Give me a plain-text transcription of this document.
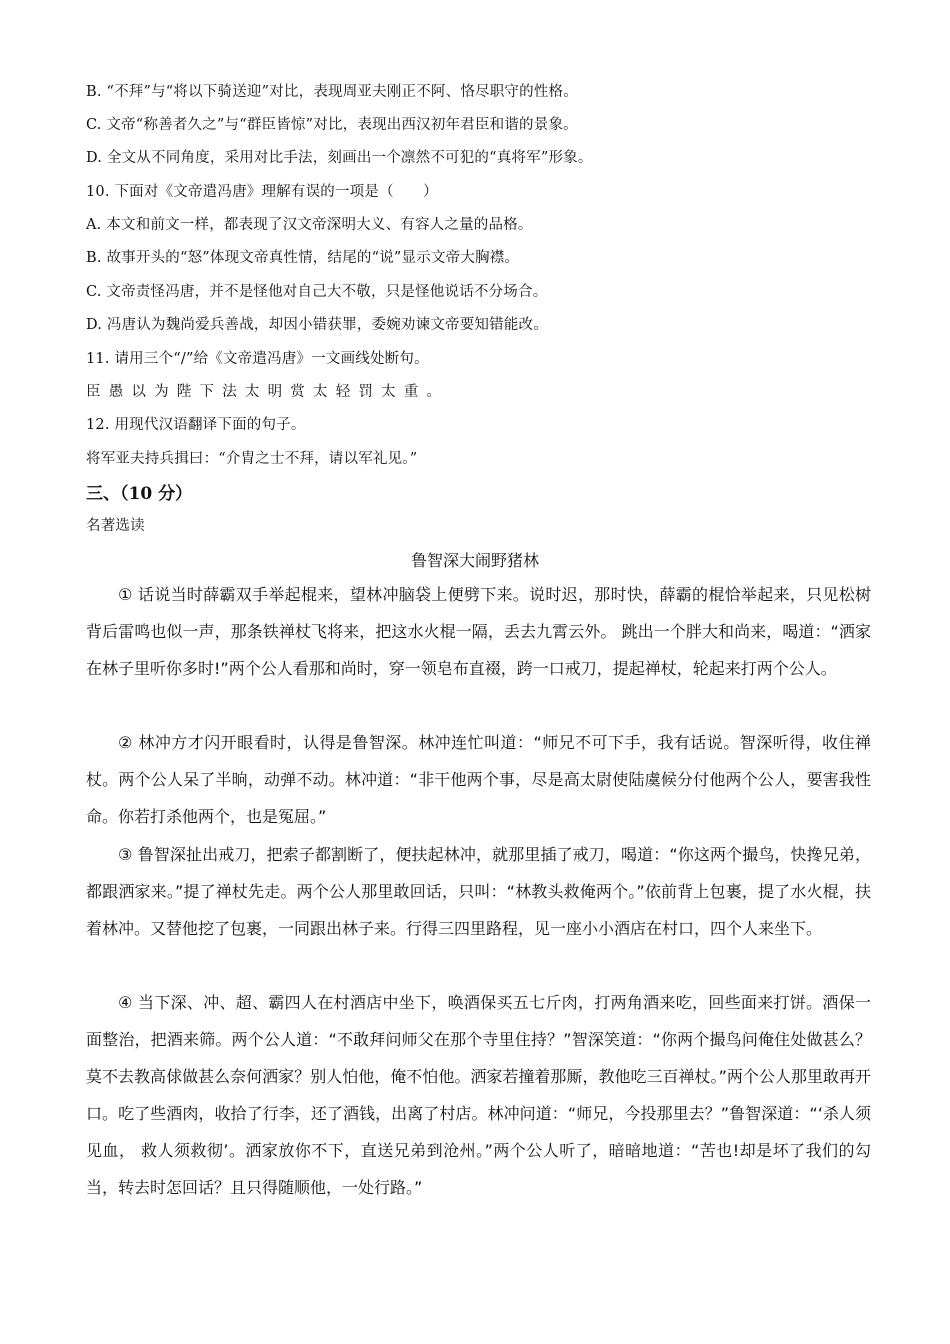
B. “不拜”与“将以下骑送迎”对比，表现周亚夫刚正不阿、恪尽职守的性格。
C. 文帝“称善者久之”与“群臣皆惊”对比，表现出西汉初年君臣和谐的景象。
D. 全文从不同角度，采用对比手法，刻画出一个凛然不可犯的“真将军”形象。
10. 下面对《文帝遣冯唐》理解有误的一项是（　　）
A. 本文和前文一样，都表现了汉文帝深明大义、有容人之量的品格。
B. 故事开头的“怒”体现文帝真性情，结尾的“说”显示文帝大胸襟。
C. 文帝责怪冯唐，并不是怪他对自己大不敬，只是怪他说话不分场合。
D. 冯唐认为魏尚爱兵善战，却因小错获罪，委婉劝谏文帝要知错能改。
11. 请用三个“/”给《文帝遣冯唐》一文画线处断句。
臣愚以为陛下法太明赏太轻罚太重。
12. 用现代汉语翻译下面的句子。
将军亚夫持兵揖曰：“介胄之士不拜，请以军礼见。”
三、（10 分）
名著选读
鲁智深大闹野猪林
① 话说当时薛霸双手举起棍来，望林冲脑袋上便劈下来。说时迟，那时快，薛霸的棍恰举起来，只见松树背后雷鸣也似一声，那条铁禅杖飞将来，把这水火棍一隔，丢去九霄云外。 跳出一个胖大和尚来，喝道：“洒家在林子里听你多时!”两个公人看那和尚时，穿一领皂布直裰，跨一口戒刀，提起禅杖，轮起来打两个公人。
② 林冲方才闪开眼看时，认得是鲁智深。林冲连忙叫道：“师兄不可下手，我有话说。智深听得，收住禅杖。两个公人呆了半晌，动弹不动。林冲道：“非干他两个事，尽是高太尉使陆虞候分付他两个公人，要害我性命。你若打杀他两个，也是冤屈。”
③ 鲁智深扯出戒刀，把索子都割断了，便扶起林冲，就那里插了戒刀，喝道：“你这两个撮鸟，快搀兄弟，都跟洒家来。”提了禅杖先走。两个公人那里敢回话，只叫：“林教头救俺两个。”依前背上包裹，提了水火棍，扶着林冲。又替他挖了包裹，一同跟出林子来。行得三四里路程，见一座小小酒店在村口，四个人来坐下。
④ 当下深、冲、超、霸四人在村酒店中坐下，唤酒保买五七斤肉，打两角酒来吃，回些面来打饼。酒保一面整治，把酒来筛。两个公人道：“不敢拜问师父在那个寺里住持？”智深笑道：“你两个撮鸟问俺住处做甚么？莫不去教高俅做甚么奈何洒家？别人怕他，俺不怕他。洒家若撞着那厮，教他吃三百禅杖。”两个公人那里敢再开口。吃了些酒肉，收拾了行李，还了酒钱，出离了村店。林冲问道：“师兄，今投那里去？”鲁智深道：“‘杀人须见血， 救人须救彻’。洒家放你不下，直送兄弟到沧州。”两个公人听了，暗暗地道：“苦也!却是坏了我们的勾当，转去时怎回话？且只得随顺他，一处行路。”
